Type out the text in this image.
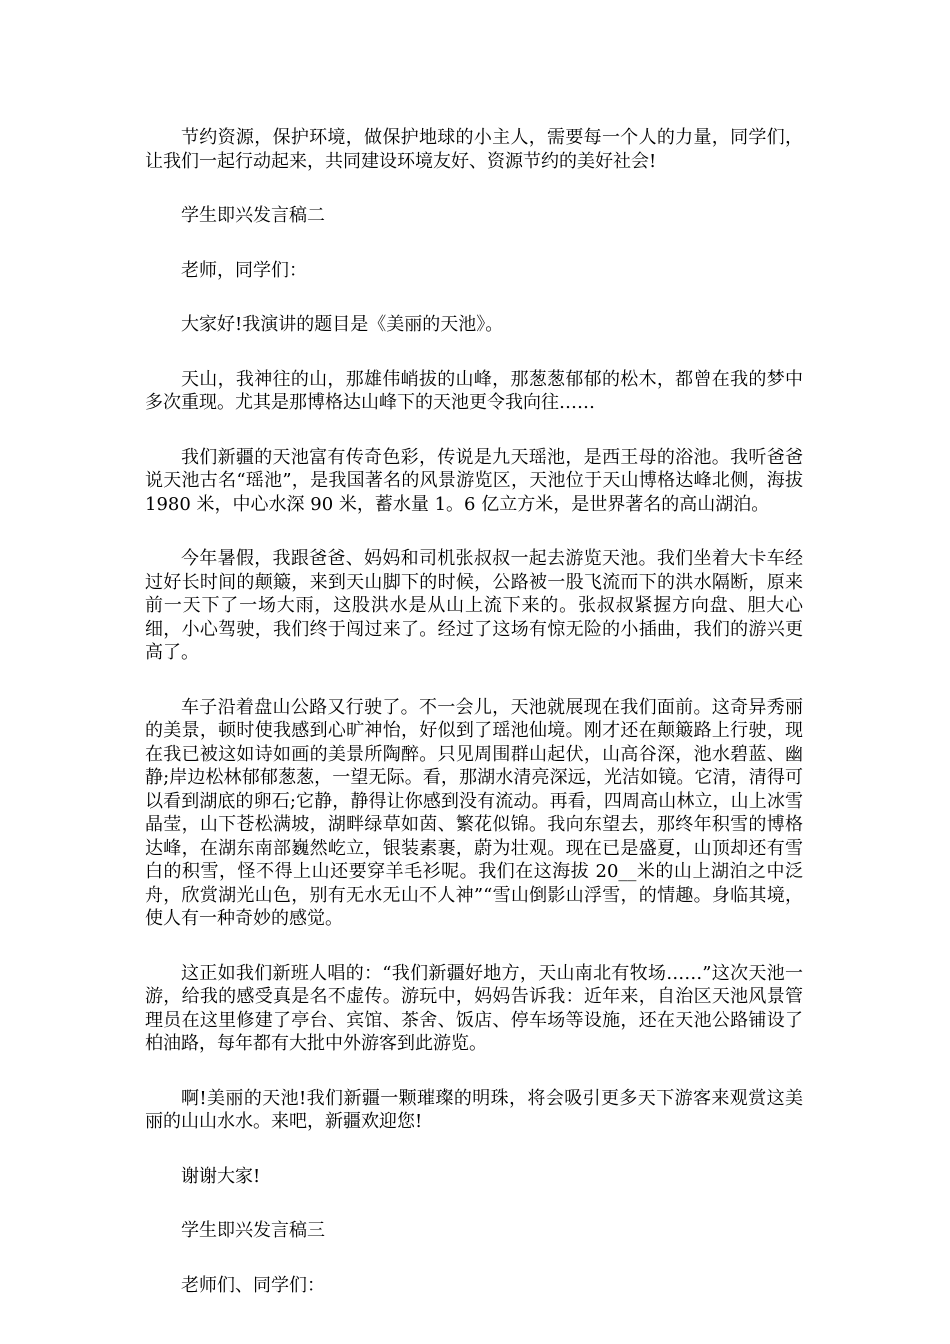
节约资源，保护环境，做保护地球的小主人，需要每一个人的力量，同学们，让我们一起行动起来，共同建设环境友好、资源节约的美好社会!

学生即兴发言稿二

老师，同学们：

大家好!我演讲的题目是《美丽的天池》。

天山，我神往的山，那雄伟峭拔的山峰，那葱葱郁郁的松木，都曾在我的梦中多次重现。尤其是那博格达山峰下的天池更令我向往……

我们新疆的天池富有传奇色彩，传说是九天瑶池，是西王母的浴池。我听爸爸说天池古名“瑶池”，是我国著名的风景游览区，天池位于天山博格达峰北侧，海拔 1980 米，中心水深 90 米，蓄水量 1。6 亿立方米，是世界著名的高山湖泊。

今年暑假，我跟爸爸、妈妈和司机张叔叔一起去游览天池。我们坐着大卡车经过好长时间的颠簸，来到天山脚下的时候，公路被一股飞流而下的洪水隔断，原来前一天下了一场大雨，这股洪水是从山上流下来的。张叔叔紧握方向盘、胆大心细，小心驾驶，我们终于闯过来了。经过了这场有惊无险的小插曲，我们的游兴更高了。

车子沿着盘山公路又行驶了。不一会儿，天池就展现在我们面前。这奇异秀丽的美景，顿时使我感到心旷神怡，好似到了瑶池仙境。刚才还在颠簸路上行驶，现在我已被这如诗如画的美景所陶醉。只见周围群山起伏，山高谷深，池水碧蓝、幽静;岸边松林郁郁葱葱，一望无际。看，那湖水清亮深远，光洁如镜。它清，清得可以看到湖底的卵石;它静，静得让你感到没有流动。再看，四周高山林立，山上冰雪晶莹，山下苍松满坡，湖畔绿草如茵、繁花似锦。我向东望去，那终年积雪的博格达峰，在湖东南部巍然屹立，银装素裹，蔚为壮观。现在已是盛夏，山顶却还有雪白的积雪，怪不得上山还要穿羊毛衫呢。我们在这海拔 20__米的山上湖泊之中泛舟，欣赏湖光山色，别有无水无山不人神”“雪山倒影山浮雪，的情趣。身临其境，使人有一种奇妙的感觉。

这正如我们新班人唱的：“我们新疆好地方，天山南北有牧场……”这次天池一游，给我的感受真是名不虚传。游玩中，妈妈告诉我：近年来，自治区天池风景管理员在这里修建了亭台、宾馆、茶舍、饭店、停车场等设施，还在天池公路铺设了柏油路，每年都有大批中外游客到此游览。

啊!美丽的天池!我们新疆一颗璀璨的明珠，将会吸引更多天下游客来观赏这美丽的山山水水。来吧，新疆欢迎您!

谢谢大家!

学生即兴发言稿三

老师们、同学们：
